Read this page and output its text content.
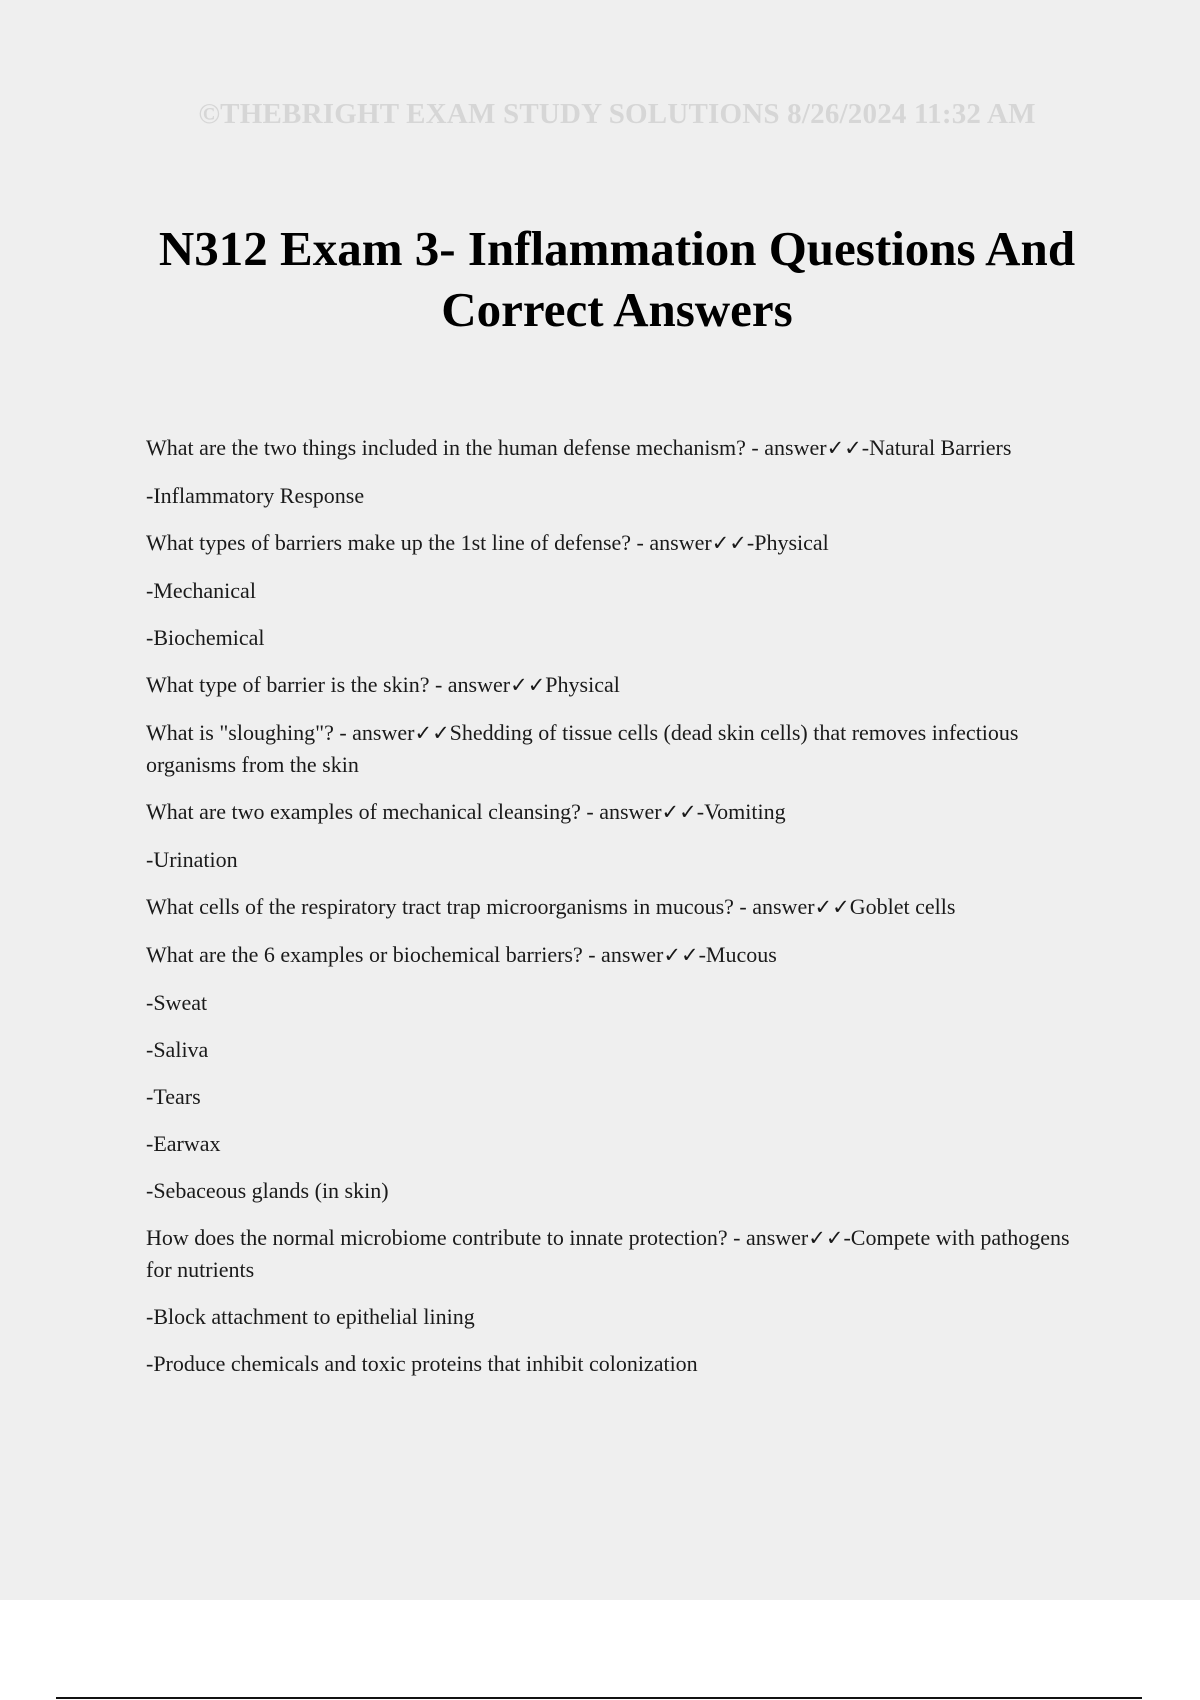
©THEBRIGHT EXAM STUDY SOLUTIONS 8/26/2024 11:32 AM
N312 Exam 3- Inflammation Questions And Correct Answers

What are the two things included in the human defense mechanism? - answer✓✓-Natural Barriers

-Inflammatory Response

What types of barriers make up the 1st line of defense? - answer✓✓-Physical

-Mechanical

-Biochemical

What type of barrier is the skin? - answer✓✓Physical

What is "sloughing"? - answer✓✓Shedding of tissue cells (dead skin cells) that removes infectious organisms from the skin

What are two examples of mechanical cleansing? - answer✓✓-Vomiting

-Urination

What cells of the respiratory tract trap microorganisms in mucous? - answer✓✓Goblet cells

What are the 6 examples or biochemical barriers? - answer✓✓-Mucous

-Sweat

-Saliva

-Tears

-Earwax

-Sebaceous glands (in skin)

How does the normal microbiome contribute to innate protection? - answer✓✓-Compete with pathogens for nutrients

-Block attachment to epithelial lining

-Produce chemicals and toxic proteins that inhibit colonization
